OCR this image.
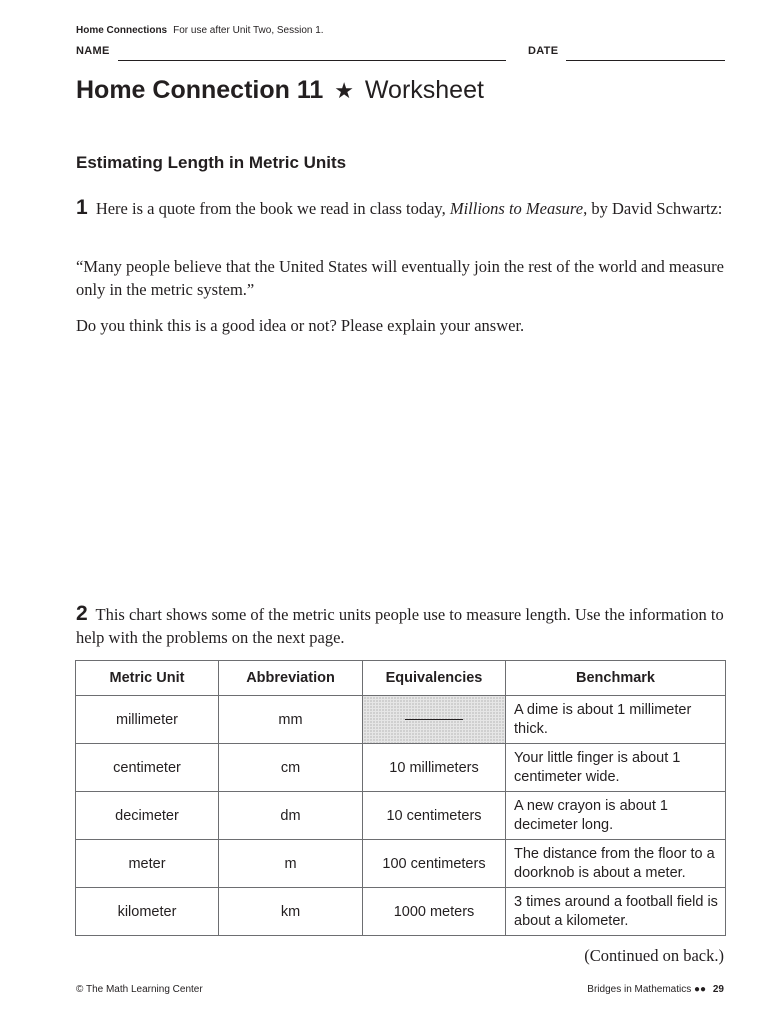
Home Connections For use after Unit Two, Session 1.
NAME	DATE
Home Connection 11 ★ Worksheet
Estimating Length in Metric Units
1 Here is a quote from the book we read in class today, Millions to Measure, by David Schwartz:
“Many people believe that the United States will eventually join the rest of the world and measure only in the metric system.”
Do you think this is a good idea or not? Please explain your answer.
2 This chart shows some of the metric units people use to measure length. Use the information to help with the problems on the next page.
Metric Unit	Abbreviation	Equivalencies	Benchmark
millimeter	mm		A dime is about 1 millimeter thick.
centimeter	cm	10 millimeters	Your little finger is about 1 centimeter wide.
decimeter	dm	10 centimeters	A new crayon is about 1 decimeter long.
meter	m	100 centimeters	The distance from the floor to a doorknob is about a meter.
kilometer	km	1000 meters	3 times around a football field is about a kilometer.
(Continued on back.)
© The Math Learning Center	Bridges in Mathematics ●● 29
